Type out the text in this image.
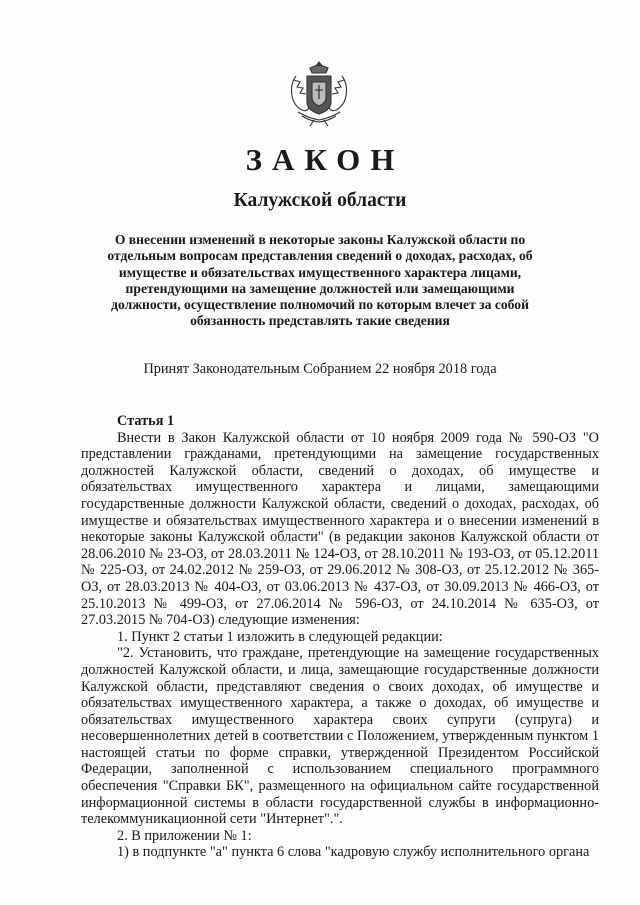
ЗАКОН
Калужской области
О внесении изменений в некоторые законы Калужской области по отдельным вопросам представления сведений о доходах, расходах, об имуществе и обязательствах имущественного характера лицами, претендующими на замещение должностей или замещающими должности, осуществление полномочий по которым влечет за собой обязанность представлять такие сведения
Принят Законодательным Собранием 22 ноября 2018 года

Статья 1

Внести в Закон Калужской области от 10 ноября 2009 года № 590-ОЗ "О представлении гражданами, претендующими на замещение государственных должностей Калужской области, сведений о доходах, об имуществе и обязательствах имущественного характера и лицами, замещающими государственные должности Калужской области, сведений о доходах, расходах, об имуществе и обязательствах имущественного характера и о внесении изменений в некоторые законы Калужской области" (в редакции законов Калужской области от 28.06.2010 № 23-ОЗ, от 28.03.2011 № 124-ОЗ, от 28.10.2011 № 193-ОЗ, от 05.12.2011 № 225-ОЗ, от 24.02.2012 № 259-ОЗ, от 29.06.2012 № 308-ОЗ, от 25.12.2012 № 365-ОЗ, от 28.03.2013 № 404-ОЗ, от 03.06.2013 № 437-ОЗ, от 30.09.2013 № 466-ОЗ, от 25.10.2013 № 499-ОЗ, от 27.06.2014 № 596-ОЗ, от 24.10.2014 № 635-ОЗ, от 27.03.2015 № 704-ОЗ) следующие изменения:

1. Пункт 2 статьи 1 изложить в следующей редакции:

"2. Установить, что граждане, претендующие на замещение государственных должностей Калужской области, и лица, замещающие государственные должности Калужской области, представляют сведения о своих доходах, об имуществе и обязательствах имущественного характера, а также о доходах, об имуществе и обязательствах имущественного характера своих супруги (супруга) и несовершеннолетних детей в соответствии с Положением, утвержденным пунктом 1 настоящей статьи по форме справки, утвержденной Президентом Российской Федерации, заполненной с использованием специального программного обеспечения "Справки БК", размещенного на официальном сайте государственной информационной системы в области государственной службы в информационно-телекоммуникационной сети "Интернет".".

2. В приложении № 1:

1) в подпункте "а" пункта 6 слова "кадровую службу исполнительного органа
